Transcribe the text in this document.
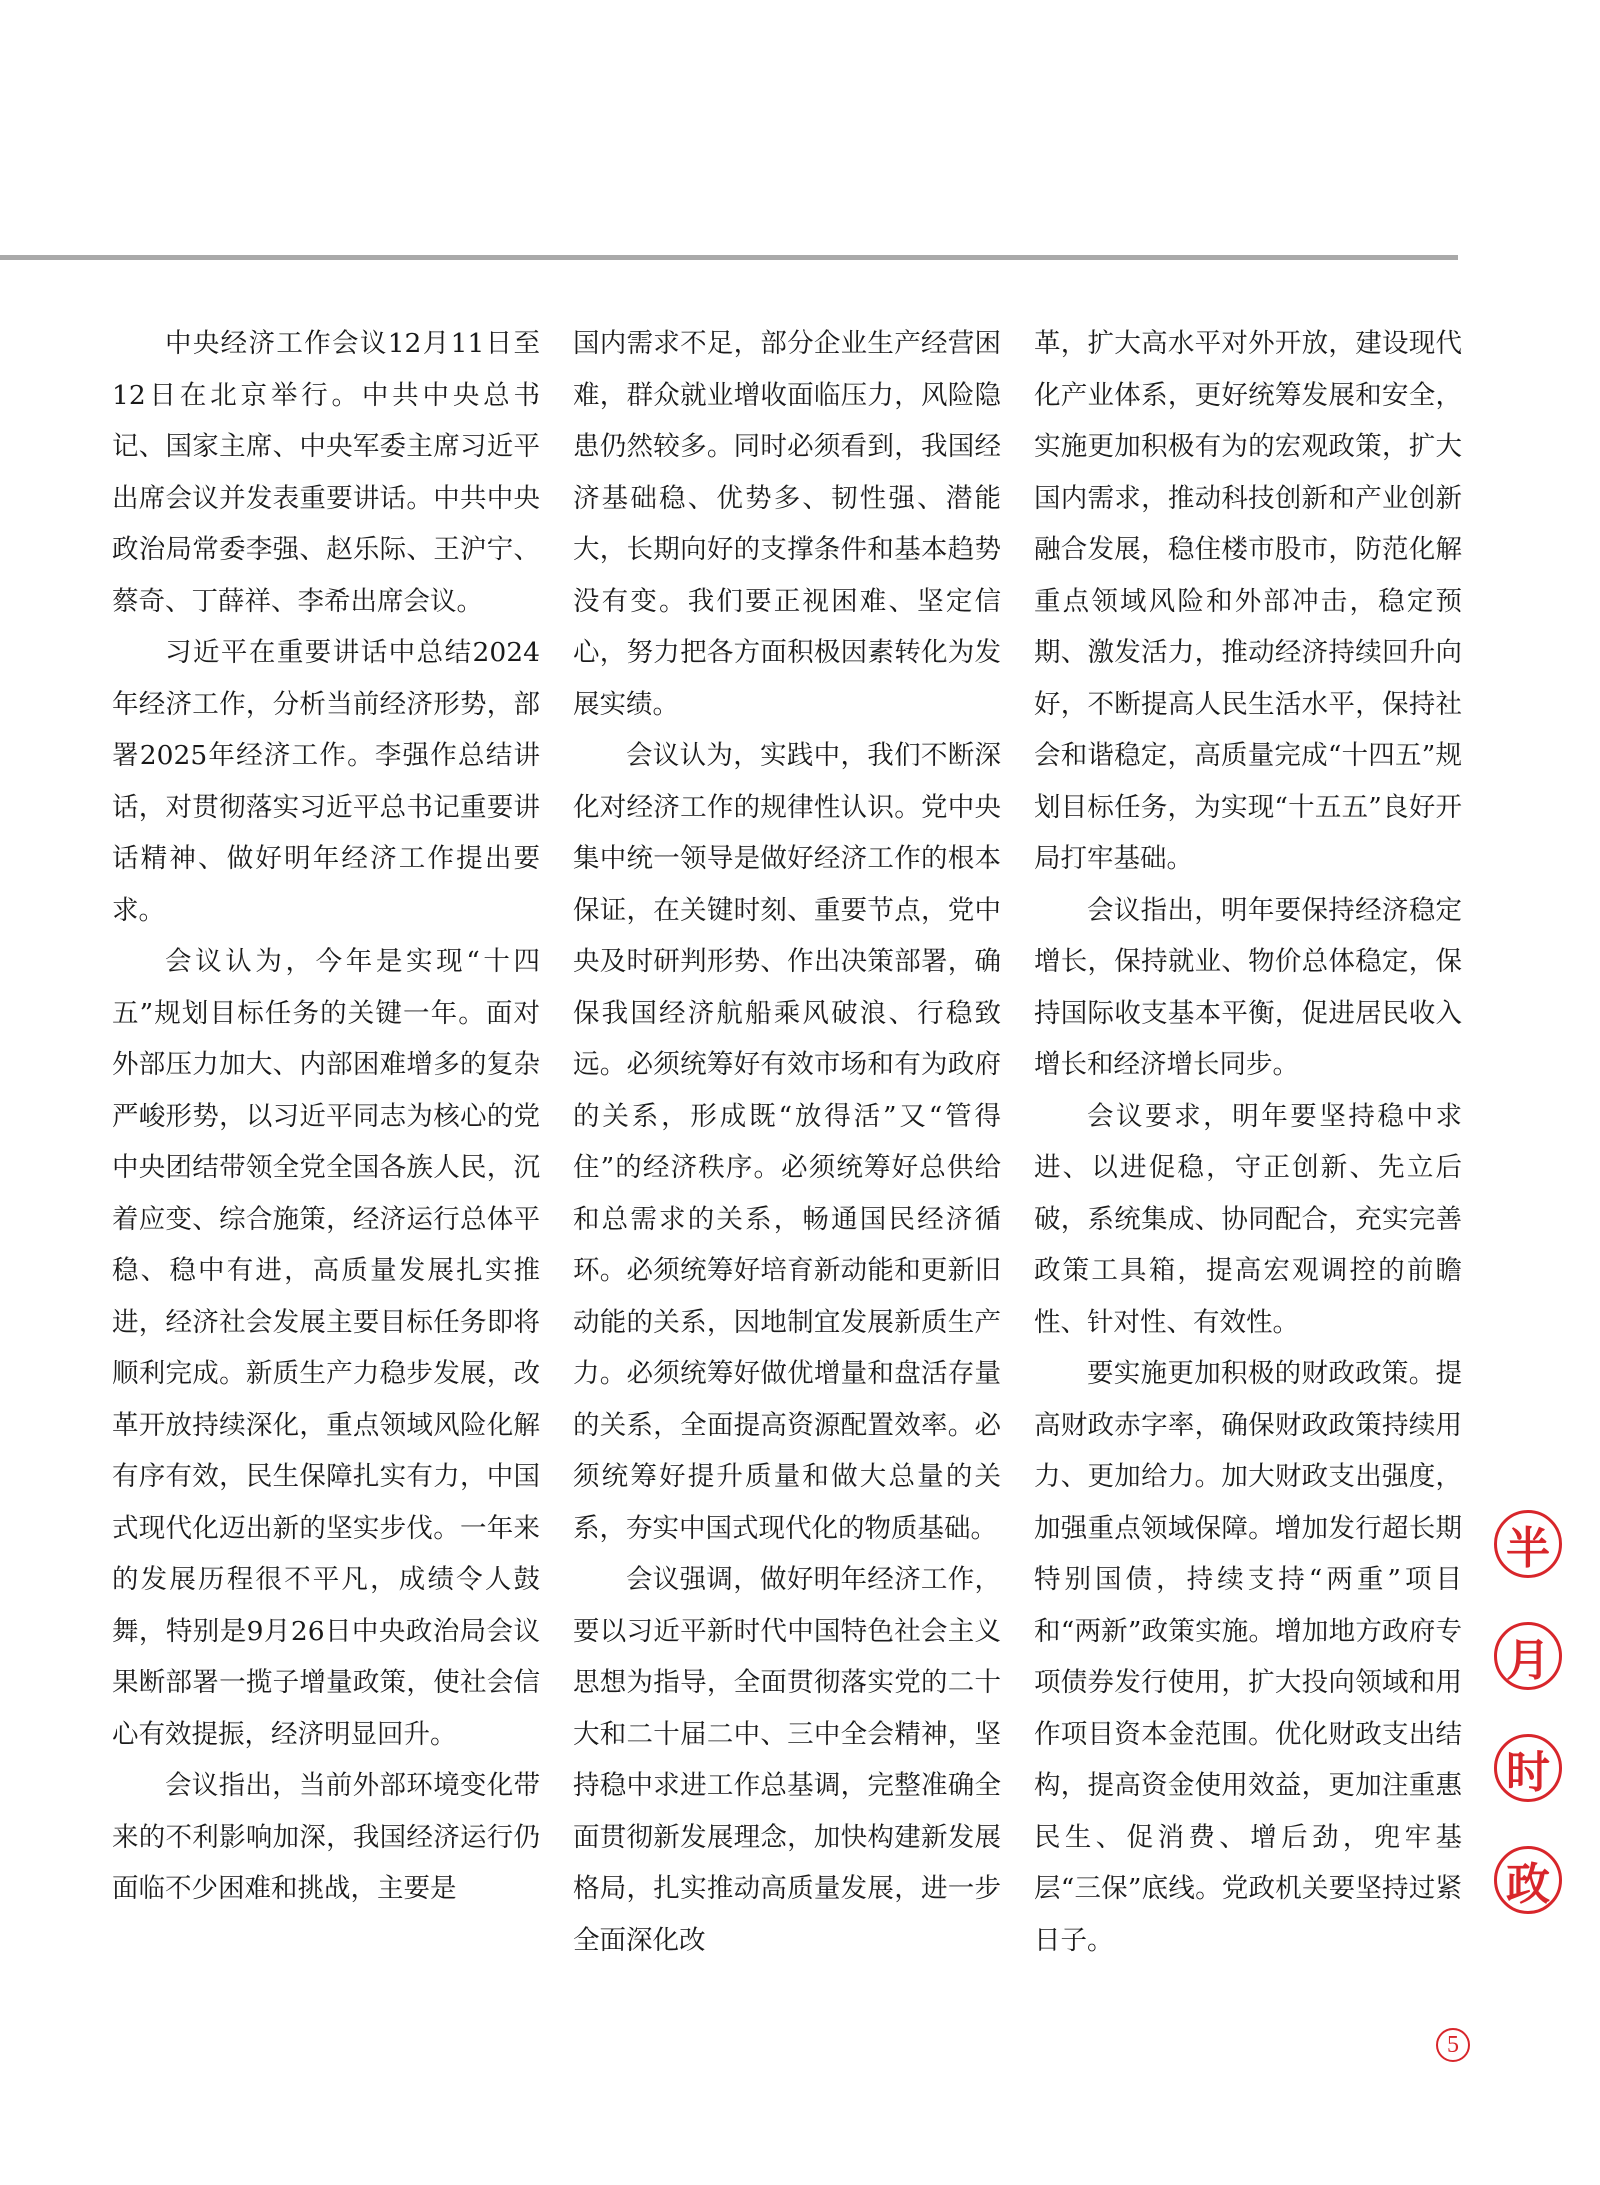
中央经济工作会议12月11日至12日在北京举行。中共中央总书记、国家主席、中央军委主席习近平出席会议并发表重要讲话。中共中央政治局常委李强、赵乐际、王沪宁、蔡奇、丁薛祥、李希出席会议。

习近平在重要讲话中总结2024年经济工作，分析当前经济形势，部署2025年经济工作。李强作总结讲话，对贯彻落实习近平总书记重要讲话精神、做好明年经济工作提出要求。

会议认为，今年是实现“十四五”规划目标任务的关键一年。面对外部压力加大、内部困难增多的复杂严峻形势，以习近平同志为核心的党中央团结带领全党全国各族人民，沉着应变、综合施策，经济运行总体平稳、稳中有进，高质量发展扎实推进，经济社会发展主要目标任务即将顺利完成。新质生产力稳步发展，改革开放持续深化，重点领域风险化解有序有效，民生保障扎实有力，中国式现代化迈出新的坚实步伐。一年来的发展历程很不平凡，成绩令人鼓舞，特别是9月26日中央政治局会议果断部署一揽子增量政策，使社会信心有效提振，经济明显回升。

会议指出，当前外部环境变化带来的不利影响加深，我国经济运行仍面临不少困难和挑战，主要是

国内需求不足，部分企业生产经营困难，群众就业增收面临压力，风险隐患仍然较多。同时必须看到，我国经济基础稳、优势多、韧性强、潜能大，长期向好的支撑条件和基本趋势没有变。我们要正视困难、坚定信心，努力把各方面积极因素转化为发展实绩。

会议认为，实践中，我们不断深化对经济工作的规律性认识。党中央集中统一领导是做好经济工作的根本保证，在关键时刻、重要节点，党中央及时研判形势、作出决策部署，确保我国经济航船乘风破浪、行稳致远。必须统筹好有效市场和有为政府的关系，形成既“放得活”又“管得住”的经济秩序。必须统筹好总供给和总需求的关系，畅通国民经济循环。必须统筹好培育新动能和更新旧动能的关系，因地制宜发展新质生产力。必须统筹好做优增量和盘活存量的关系，全面提高资源配置效率。必须统筹好提升质量和做大总量的关系，夯实中国式现代化的物质基础。

会议强调，做好明年经济工作，要以习近平新时代中国特色社会主义思想为指导，全面贯彻落实党的二十大和二十届二中、三中全会精神，坚持稳中求进工作总基调，完整准确全面贯彻新发展理念，加快构建新发展格局，扎实推动高质量发展，进一步全面深化改

革，扩大高水平对外开放，建设现代化产业体系，更好统筹发展和安全，实施更加积极有为的宏观政策，扩大国内需求，推动科技创新和产业创新融合发展，稳住楼市股市，防范化解重点领域风险和外部冲击，稳定预期、激发活力，推动经济持续回升向好，不断提高人民生活水平，保持社会和谐稳定，高质量完成“十四五”规划目标任务，为实现“十五五”良好开局打牢基础。

会议指出，明年要保持经济稳定增长，保持就业、物价总体稳定，保持国际收支基本平衡，促进居民收入增长和经济增长同步。

会议要求，明年要坚持稳中求进、以进促稳，守正创新、先立后破，系统集成、协同配合，充实完善政策工具箱，提高宏观调控的前瞻性、针对性、有效性。

要实施更加积极的财政政策。提高财政赤字率，确保财政政策持续用力、更加给力。加大财政支出强度，加强重点领域保障。增加发行超长期特别国债，持续支持“两重”项目和“两新”政策实施。增加地方政府专项债券发行使用，扩大投向领域和用作项目资本金范围。优化财政支出结构，提高资金使用效益，更加注重惠民生、促消费、增后劲，兜牢基层“三保”底线。党政机关要坚持过紧日子。

半
月
时
政
5
